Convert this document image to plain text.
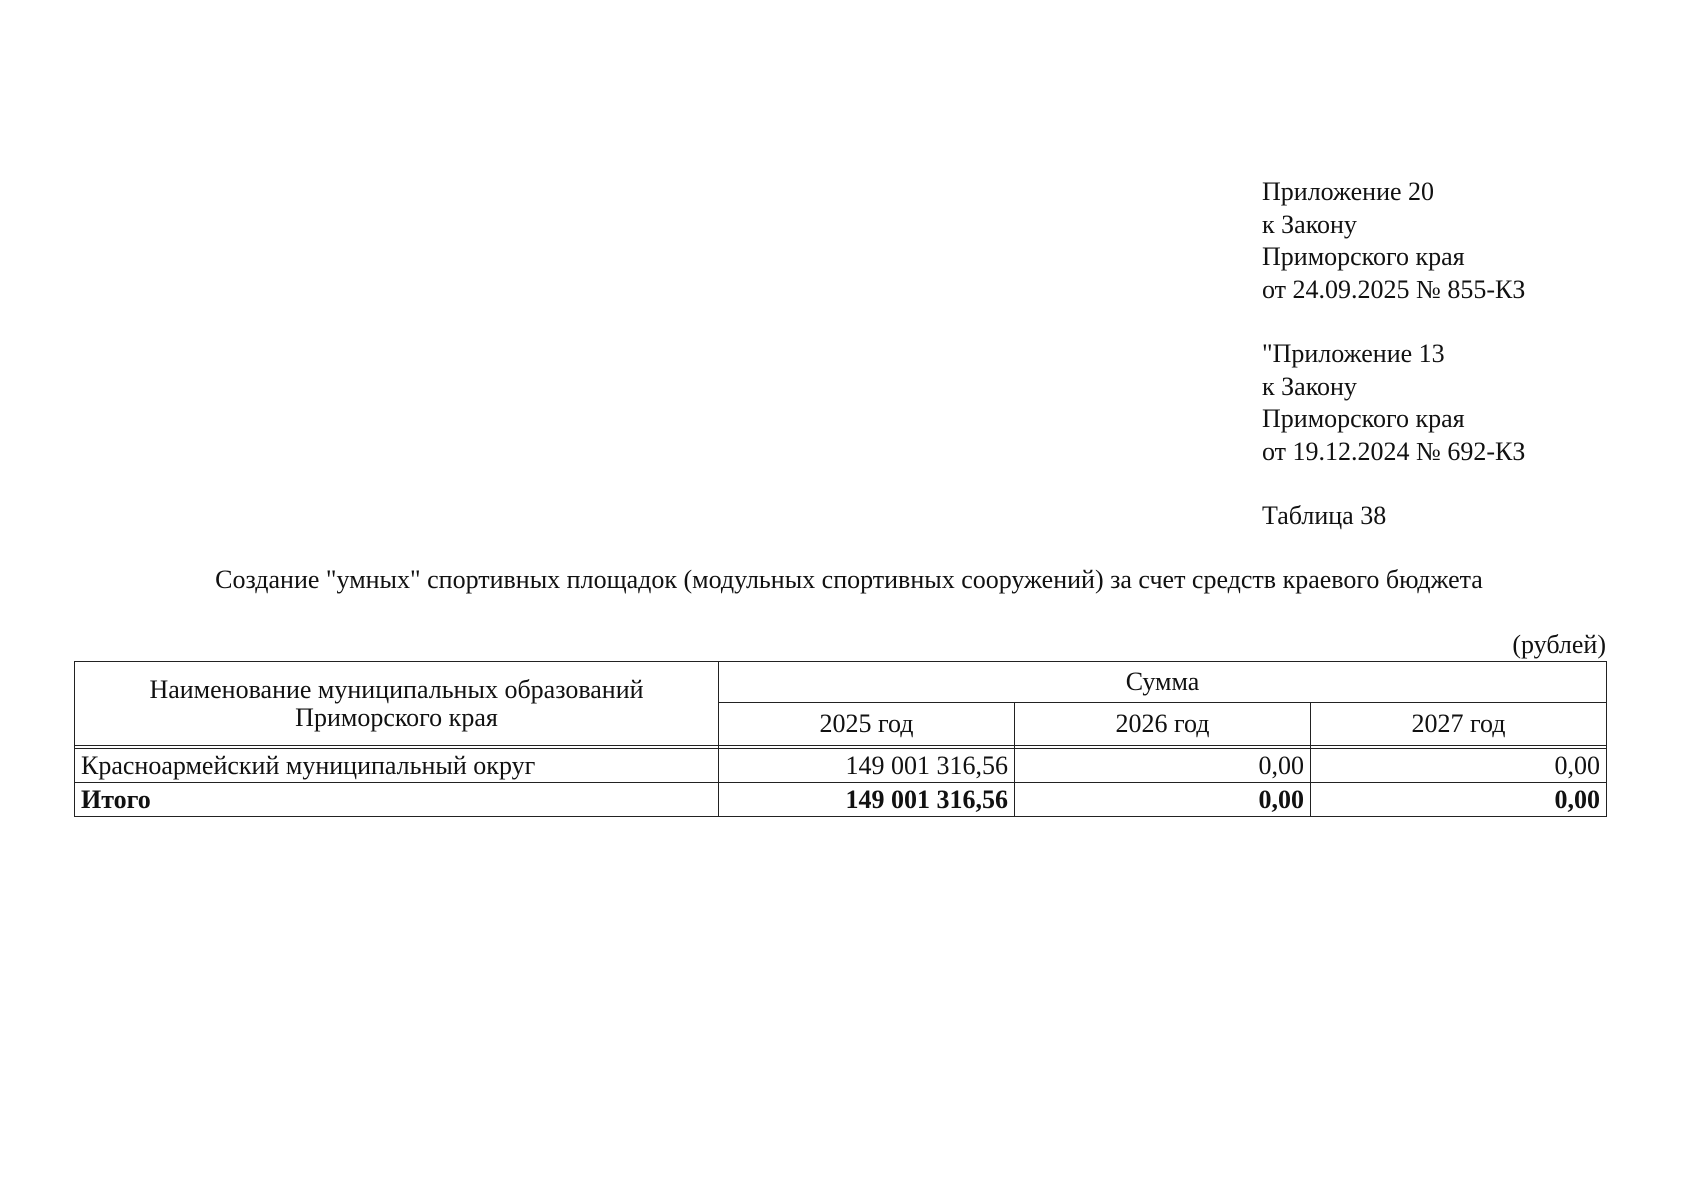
Приложение 20
к Закону
Приморского края
от 24.09.2025 № 855-КЗ
"Приложение 13
к Закону
Приморского края
от 19.12.2024 № 692-КЗ
Таблица 38
Создание "умных" спортивных площадок (модульных спортивных сооружений) за счет средств краевого бюджета
(рублей)
Наименование муниципальных образований
Приморского края	Сумма		
	2025 год	2026 год	2027 год

Красноармейский муниципальный округ	149 001 316,56	0,00	0,00
Итого	149 001 316,56	0,00	0,00
